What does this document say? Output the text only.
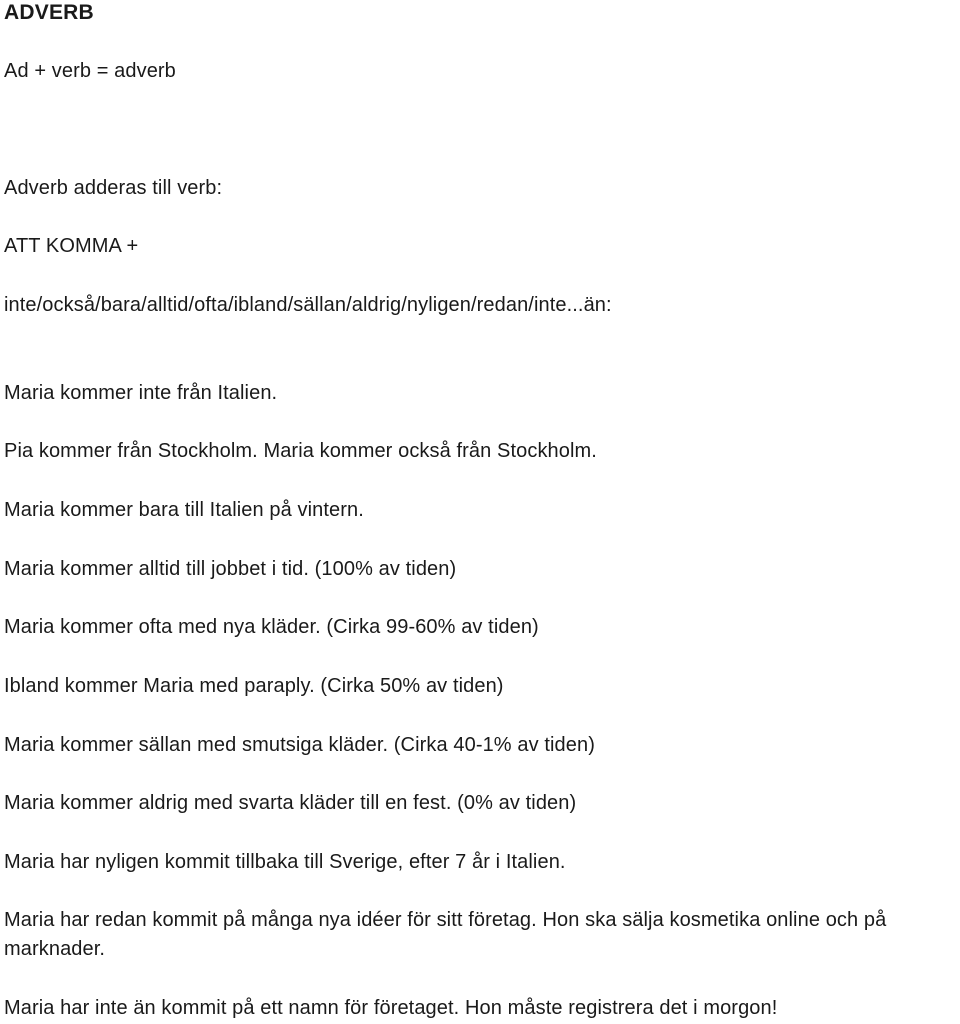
ADVERB

Ad + verb = adverb

Adverb adderas till verb:

ATT KOMMA +

inte/också/bara/alltid/ofta/ibland/sällan/aldrig/nyligen/redan/inte...än:

Maria kommer inte från Italien.

Pia kommer från Stockholm. Maria kommer också från Stockholm.

Maria kommer bara till Italien på vintern.

Maria kommer alltid till jobbet i tid. (100% av tiden)

Maria kommer ofta med nya kläder. (Cirka 99-60% av tiden)

Ibland kommer Maria med paraply. (Cirka 50% av tiden)

Maria kommer sällan med smutsiga kläder. (Cirka 40-1% av tiden)

Maria kommer aldrig med svarta kläder till en fest. (0% av tiden)

Maria har nyligen kommit tillbaka till Sverige, efter 7 år i Italien.

Maria har redan kommit på många nya idéer för sitt företag. Hon ska sälja kosmetika online och på marknader.

Maria har inte än kommit på ett namn för företaget. Hon måste registrera det i morgon!
